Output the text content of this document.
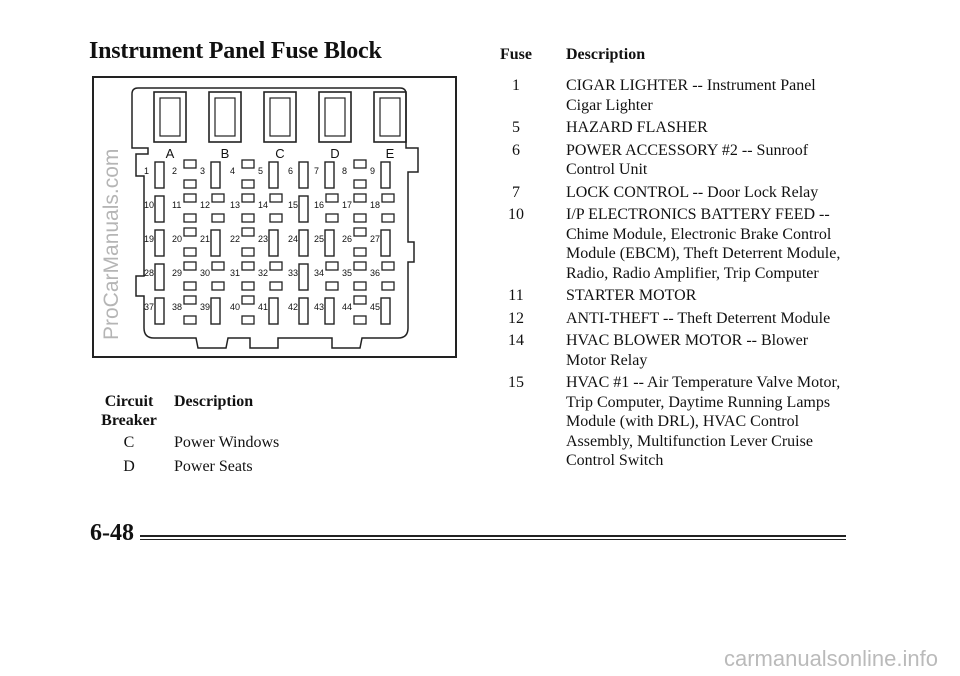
Instrument Panel Fuse Block
A	B	C	D	E
1	2	3	4	5	6 7	8	9
10 11 12 13 14 15 16 17 18
19 20 21 22 23 24 25 26 27
28 29 30 31 32 33 34 35 36
37 38 39 40 41 42 43 44 45
Circuit Breaker
Description
C	Power Windows
D	Power Seats
Fuse	Description
1	CIGAR LIGHTER -- Instrument Panel Cigar Lighter
5	HAZARD FLASHER
6	POWER ACCESSORY #2 -- Sunroof Control Unit
7	LOCK CONTROL -- Door Lock Relay
10	I/P ELECTRONICS BATTERY FEED -- Chime Module, Electronic Brake Control Module (EBCM), Theft Deterrent Module, Radio, Radio Amplifier, Trip Computer
11	STARTER MOTOR
12	ANTI-THEFT -- Theft Deterrent Module
14	HVAC BLOWER MOTOR -- Blower Motor Relay
15	HVAC #1 -- Air Temperature Valve Motor, Trip Computer, Daytime Running Lamps Module (with DRL), HVAC Control Assembly, Multifunction Lever Cruise Control Switch
6-48
ProCarManuals.com
carmanualsonline.info
